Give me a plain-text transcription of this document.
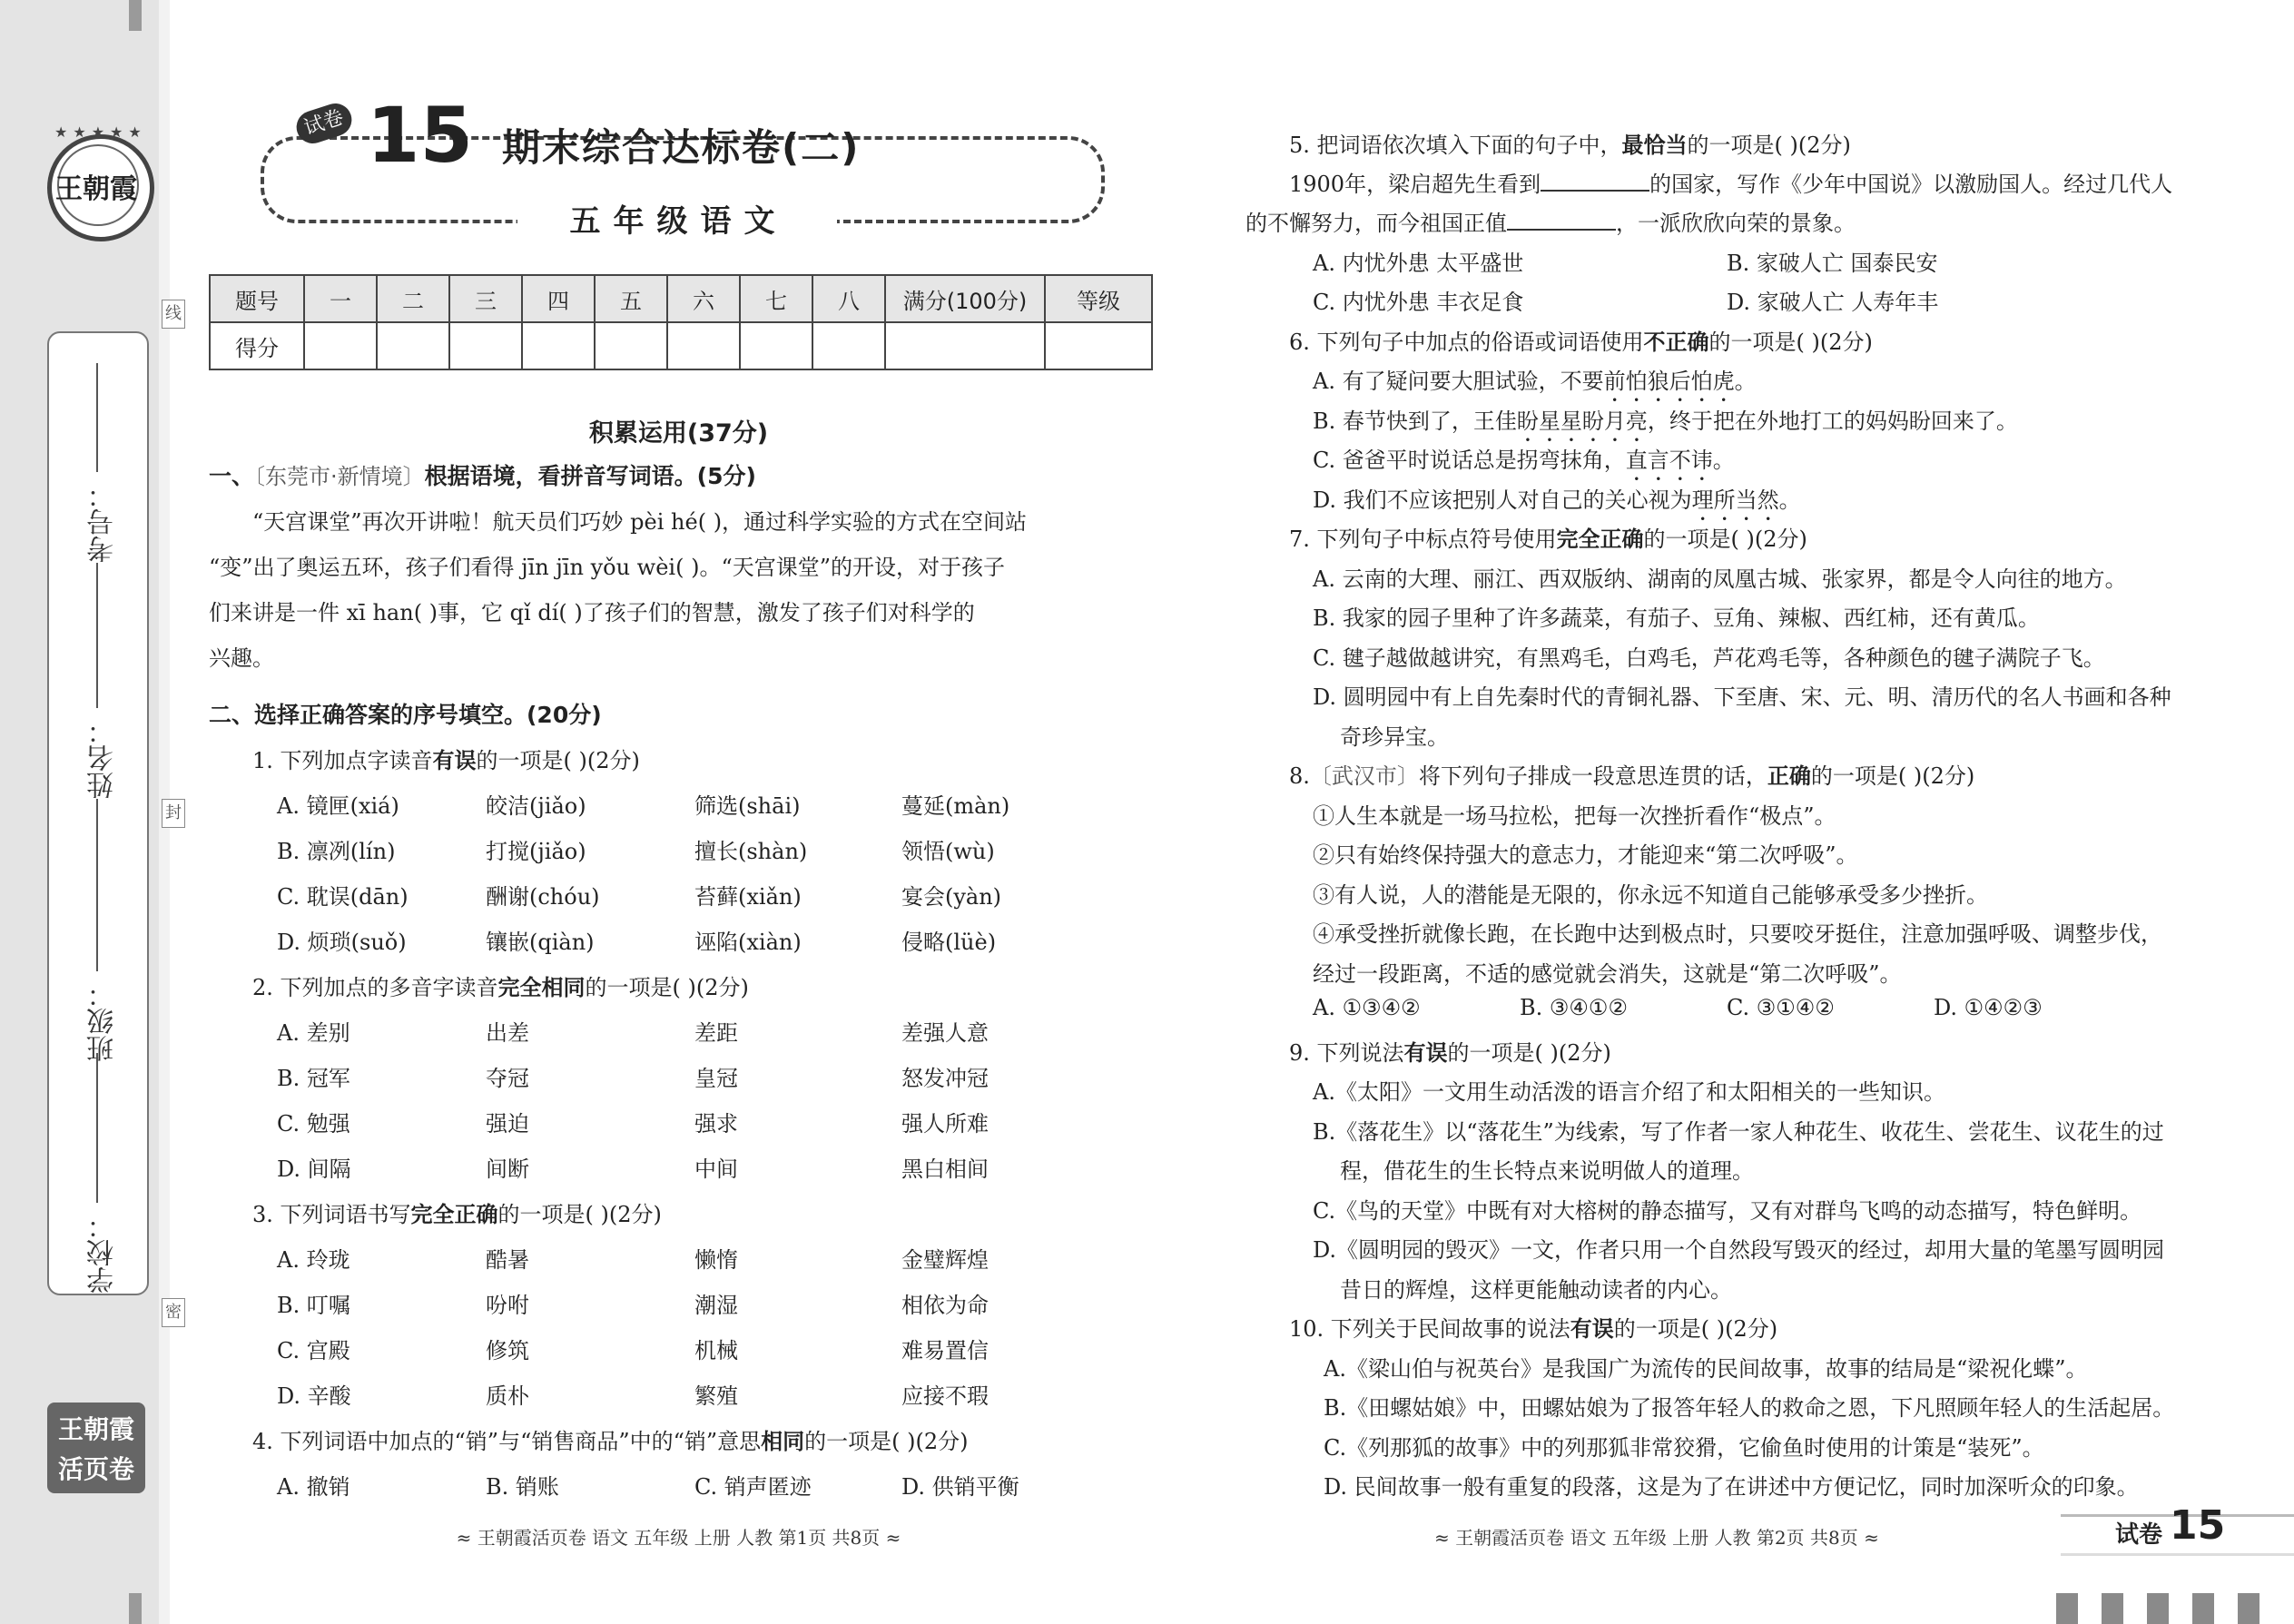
王朝霞
★★★★★
考号：
姓名：
班级：
学校：
线
封
密
王朝霞
活页卷
试卷 15 期末综合达标卷(二)
五年级语文
题号	一	二	三	四	五	六	七	八	满分(100分)	等级
得分										
积累运用(37分)
一、〔东莞市·新情境〕根据语境，看拼音写词语。(5分)
“天宫课堂”再次开讲啦！航天员们巧妙 pèi hé( )，通过科学实验的方式在空间站
“变”出了奥运五环，孩子们看得 jīn jīn yǒu wèi( )。“天宫课堂”的开设，对于孩子
们来讲是一件 xī han( )事，它 qǐ dí( )了孩子们的智慧，激发了孩子们对科学的
兴趣。
二、选择正确答案的序号填空。(20分)
1. 下列加点字读音有误的一项是( )(2分)
A. 镜匣(xiá)	皎洁(jiǎo)	筛选(shāi)	蔓延(màn)
B. 凛冽(lín)	打搅(jiǎo)	擅长(shàn)	领悟(wù)
C. 耽误(dān)	酬谢(chóu)	苔藓(xiǎn)	宴会(yàn)
D. 烦琐(suǒ)	镶嵌(qiàn)	诬陷(xiàn)	侵略(lüè)
2. 下列加点的多音字读音完全相同的一项是( )(2分)
A. 差别	出差	差距	差强人意
B. 冠军	夺冠	皇冠	怒发冲冠
C. 勉强	强迫	强求	强人所难
D. 间隔	间断	中间	黑白相间
3. 下列词语书写完全正确的一项是( )(2分)
A. 玲珑	酷暑	懒惰	金璧辉煌
B. 叮嘱	吩咐	潮湿	相依为命
C. 宫殿	修筑	机械	难易置信
D. 辛酸	质朴	繁殖	应接不瑕
4. 下列词语中加点的“销”与“销售商品”中的“销”意思相同的一项是( )(2分)
A. 撤销	B. 销账	C. 销声匿迹	D. 供销平衡
≈ 王朝霞活页卷 语文 五年级 上册 人教 第1页 共8页 ≈
5. 把词语依次填入下面的句子中，最恰当的一项是( )(2分)
1900年，梁启超先生看到	的国家，写作《少年中国说》以激励国人。经过几代人
的不懈努力，而今祖国正值	，一派欣欣向荣的景象。
A. 内忧外患 太平盛世	B. 家破人亡 国泰民安
C. 内忧外患 丰衣足食	D. 家破人亡 人寿年丰
6. 下列句子中加点的俗语或词语使用不正确的一项是( )(2分)
A. 有了疑问要大胆试验，不要前怕狼后怕虎。
B. 春节快到了，王佳盼星星盼月亮，终于把在外地打工的妈妈盼回来了。
C. 爸爸平时说话总是拐弯抹角，直言不讳。
D. 我们不应该把别人对自己的关心视为理所当然。
7. 下列句子中标点符号使用完全正确的一项是( )(2分)
A. 云南的大理、丽江、西双版纳、湖南的凤凰古城、张家界，都是令人向往的地方。
B. 我家的园子里种了许多蔬菜，有茄子、豆角、辣椒、西红柿，还有黄瓜。
C. 毽子越做越讲究，有黑鸡毛，白鸡毛，芦花鸡毛等，各种颜色的毽子满院子飞。
D. 圆明园中有上自先秦时代的青铜礼器、下至唐、宋、元、明、清历代的名人书画和各种
奇珍异宝。
8.〔武汉市〕将下列句子排成一段意思连贯的话，正确的一项是( )(2分)
①人生本就是一场马拉松，把每一次挫折看作“极点”。
②只有始终保持强大的意志力，才能迎来“第二次呼吸”。
③有人说，人的潜能是无限的，你永远不知道自己能够承受多少挫折。
④承受挫折就像长跑，在长跑中达到极点时，只要咬牙挺住，注意加强呼吸、调整步伐，
经过一段距离，不适的感觉就会消失，这就是“第二次呼吸”。
A. ①③④②	B. ③④①②	C. ③①④②	D. ①④②③
9. 下列说法有误的一项是( )(2分)
A.《太阳》一文用生动活泼的语言介绍了和太阳相关的一些知识。
B.《落花生》以“落花生”为线索，写了作者一家人种花生、收花生、尝花生、议花生的过
程，借花生的生长特点来说明做人的道理。
C.《鸟的天堂》中既有对大榕树的静态描写，又有对群鸟飞鸣的动态描写，特色鲜明。
D.《圆明园的毁灭》一文，作者只用一个自然段写毁灭的经过，却用大量的笔墨写圆明园
昔日的辉煌，这样更能触动读者的内心。
10. 下列关于民间故事的说法有误的一项是( )(2分)
A.《梁山伯与祝英台》是我国广为流传的民间故事，故事的结局是“梁祝化蝶”。
B.《田螺姑娘》中，田螺姑娘为了报答年轻人的救命之恩，下凡照顾年轻人的生活起居。
C.《列那狐的故事》中的列那狐非常狡猾，它偷鱼时使用的计策是“装死”。
D. 民间故事一般有重复的段落，这是为了在讲述中方便记忆，同时加深听众的印象。
≈ 王朝霞活页卷 语文 五年级 上册 人教 第2页 共8页 ≈	试卷 15
